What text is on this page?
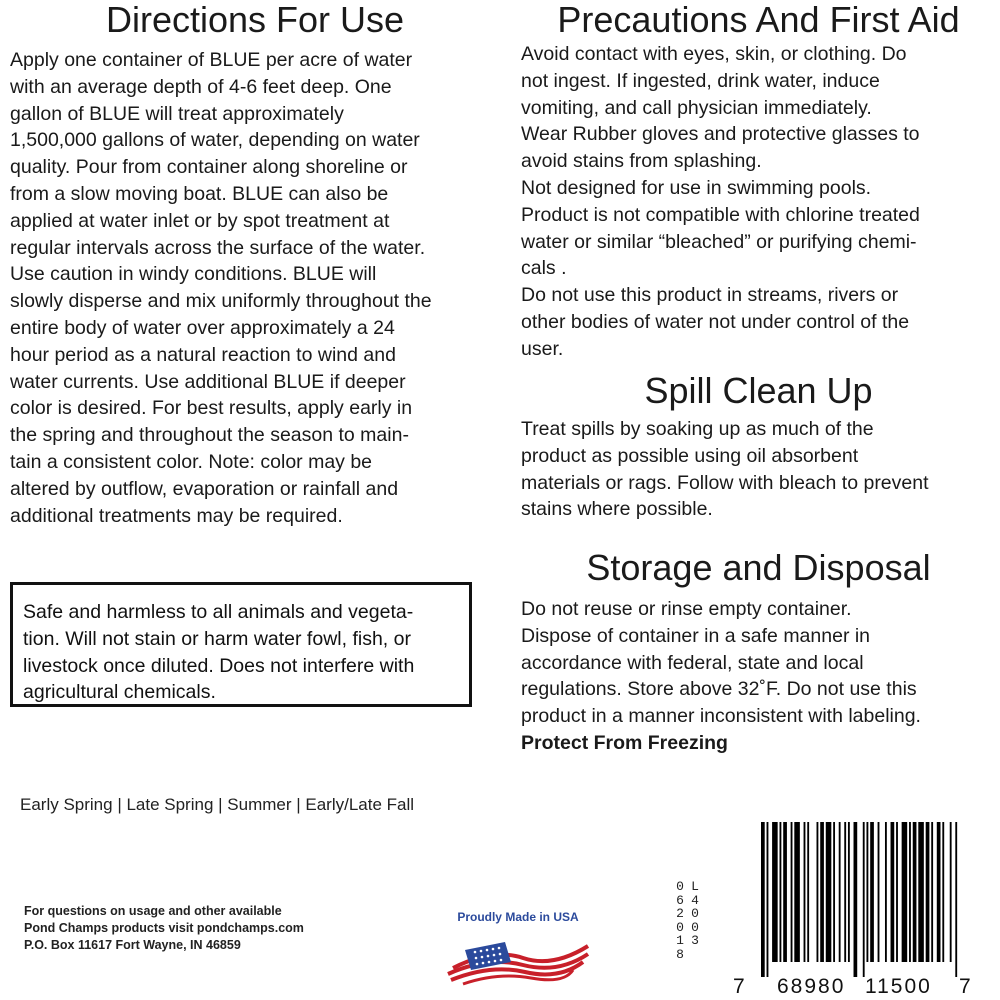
Directions For Use

Apply one container of BLUE per acre of water
with an average depth of 4-6 feet deep. One
gallon of BLUE will treat approximately
1,500,000 gallons of water, depending on water
quality. Pour from container along shoreline or
from a slow moving boat. BLUE can also be
applied at water inlet or by spot treatment at
regular intervals across the surface of the water.
Use caution in windy conditions. BLUE will
slowly disperse and mix uniformly throughout the
entire body of water over approximately a 24
hour period as a natural reaction to wind and
water currents. Use additional BLUE if deeper
color is desired. For best results, apply early in
the spring and throughout the season to main-
tain a consistent color. Note: color may be
altered by outflow, evaporation or rainfall and
additional treatments may be required.

Safe and harmless to all animals and vegeta-
tion. Will not stain or harm water fowl, fish, or
livestock once diluted. Does not interfere with
agricultural chemicals.

Early Spring | Late Spring | Summer | Early/Late Fall
For questions on usage and other available
Pond Champs products visit pondchamps.com
P.O. Box 11617 Fort Wayne, IN 46859
Precautions And First Aid

Avoid contact with eyes, skin, or clothing. Do
not ingest. If ingested, drink water, induce
vomiting, and call physician immediately.
Wear Rubber gloves and protective glasses to
avoid stains from splashing.
Not designed for use in swimming pools.
Product is not compatible with chlorine treated
water or similar “bleached” or purifying chemi-
cals .
Do not use this product in streams, rivers or
other bodies of water not under control of the
user.

Spill Clean Up

Treat spills by soaking up as much of the
product as possible using oil absorbent
materials or rags. Follow with bleach to prevent
stains where possible.

Storage and Disposal

Do not reuse or rinse empty container.
Dispose of container in a safe manner in
accordance with federal, state and local
regulations. Store above 32˚F. Do not use this
product in a manner inconsistent with labeling.

Protect From Freezing

Proudly Made in USA
062018
L4003
7 68980 11500 7
